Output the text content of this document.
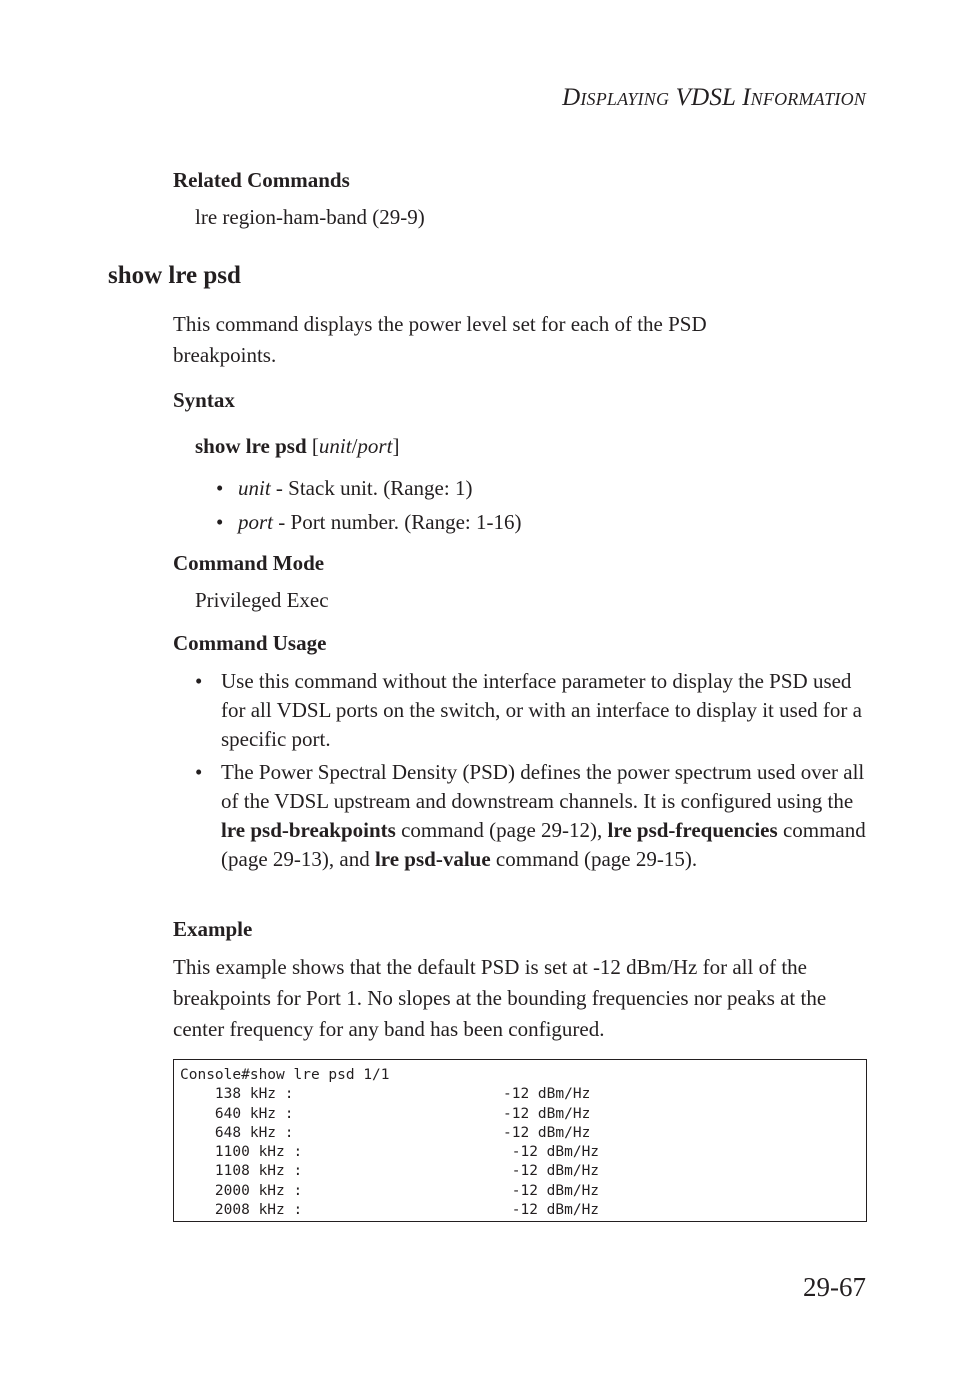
DISPLAYING VDSL INFORMATION
Related Commands
lre region-ham-band (29-9)
show lre psd
This command displays the power level set for each of the PSD breakpoints.
Syntax
show lre psd [unit/port]
• unit - Stack unit. (Range: 1)
• port - Port number. (Range: 1-16)
Command Mode
Privileged Exec
Command Usage
• Use this command without the interface parameter to display the PSD used for all VDSL ports on the switch, or with an interface to display it used for a specific port.
• The Power Spectral Density (PSD) defines the power spectrum used over all of the VDSL upstream and downstream channels. It is configured using the lre psd-breakpoints command (page 29-12), lre psd-frequencies command (page 29-13), and lre psd-value command (page 29-15).
Example
This example shows that the default PSD is set at -12 dBm/Hz for all of the breakpoints for Port 1. No slopes at the bounding frequencies nor peaks at the center frequency for any band has been configured.
Console#show lre psd 1/1
138 kHz :                        -12 dBm/Hz
640 kHz :                        -12 dBm/Hz
648 kHz :                        -12 dBm/Hz
1100 kHz :                        -12 dBm/Hz
1108 kHz :                        -12 dBm/Hz
2000 kHz :                        -12 dBm/Hz
2008 kHz :                        -12 dBm/Hz
29-67
